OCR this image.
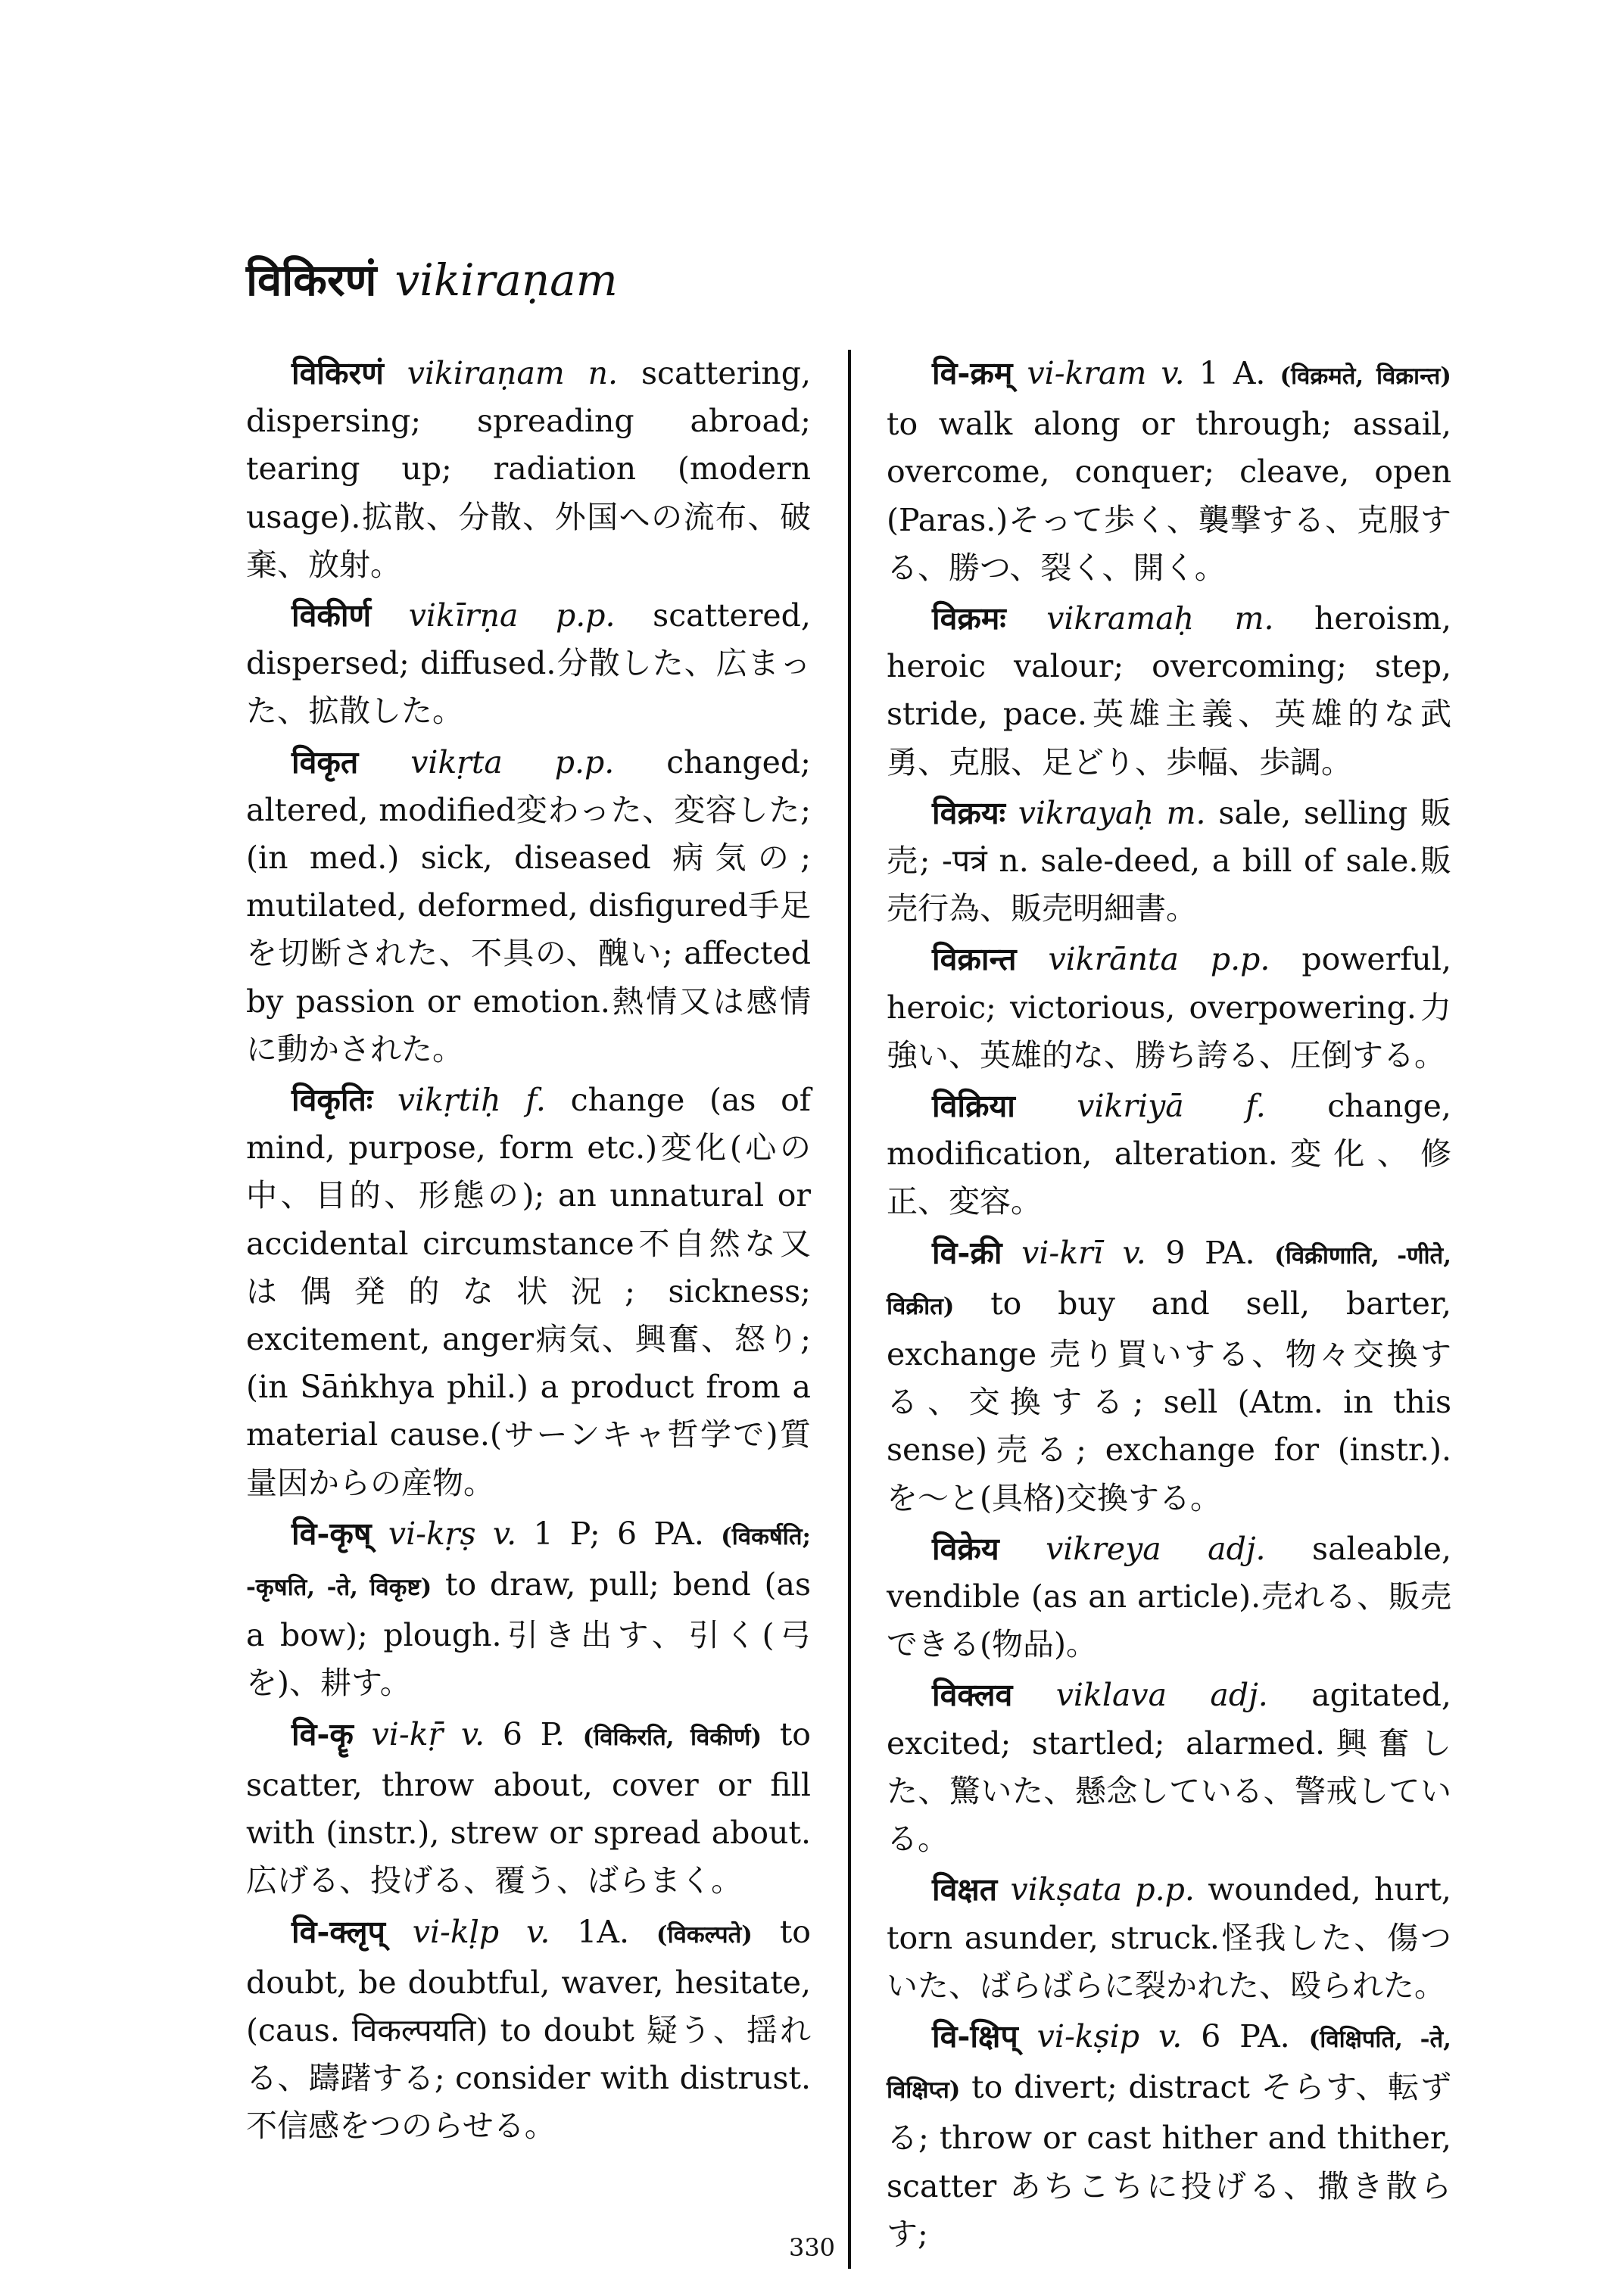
विकिरणं vikiraṇam

विकिरणं vikiraṇam n. scattering, dispersing; spreading abroad; tearing up; radiation (modern usage).拡散、分散、外国への流布、破棄、放射。

विकीर्ण vikīrṇa p.p. scattered, dispersed; diffused.分散した、広まった、拡散した。

विकृत vikṛta p.p. changed; altered, modified変わった、変容した; (in med.) sick, diseased 病気の; mutilated, deformed, disfigured手足を切断された、不具の、醜い; affected by passion or emotion.熱情又は感情に動かされた。

विकृतिः vikṛtiḥ f. change (as of mind, purpose, form etc.)変化(心の中、目的、形態の); an unnatural or accidental circumstance不自然な又は偶発的な状況; sickness; excitement, anger病気、興奮、怒り; (in Sāṅkhya phil.) a product from a material cause.(サーンキャ哲学で)質量因からの産物。

वि-कृष् vi-kṛṣ v. 1 P; 6 PA. (विकर्षति; -कृषति, -ते, विकृष्ट) to draw, pull; bend (as a bow); plough.引き出す、引く(弓を)、耕す。

वि-कॄ vi-kṝ v. 6 P. (विकिरति, विकीर्ण) to scatter, throw about, cover or fill with (instr.), strew or spread about.広げる、投げる、覆う、ばらまく。

वि-क्लृप् vi-kḷp v. 1A. (विकल्पते) to doubt, be doubtful, waver, hesitate, (caus. विकल्पयति) to doubt 疑う、揺れる、躊躇する; consider with distrust. 不信感をつのらせる。

वि-क्रम् vi-kram v. 1 A. (विक्रमते, विक्रान्त) to walk along or through; assail, overcome, conquer; cleave, open (Paras.)そって歩く、襲撃する、克服する、勝つ、裂く、開く。

विक्रमः vikramaḥ m. heroism, heroic valour; overcoming; step, stride, pace.英雄主義、英雄的な武勇、克服、足どり、歩幅、歩調。

विक्रयः vikrayaḥ m. sale, selling 販売; -पत्रं n. sale-deed, a bill of sale.販売行為、販売明細書。

विक्रान्त vikrānta p.p. powerful, heroic; victorious, overpowering.力強い、英雄的な、勝ち誇る、圧倒する。

विक्रिया vikriyā f. change, modification, alteration.変化、修正、変容。

वि-क्री vi-krī v. 9 PA. (विक्रीणाति, -णीते, विक्रीत) to buy and sell, barter, exchange 売り買いする、物々交換する、交換する; sell (Atm. in this sense)売る; exchange for (instr.).を〜と(具格)交換する。

विक्रेय vikreya adj. saleable, vendible (as an article).売れる、販売できる(物品)。

विक्लव viklava adj. agitated, excited; startled; alarmed.興奮した、驚いた、懸念している、警戒している。

विक्षत vikṣata p.p. wounded, hurt, torn asunder, struck.怪我した、傷ついた、ばらばらに裂かれた、殴られた。

वि-क्षिप् vi-kṣip v. 6 PA. (विक्षिपति, -ते, विक्षिप्त) to divert; distract そらす、転ずる; throw or cast hither and thither, scatter あちこちに投げる、撒き散らす;

330
